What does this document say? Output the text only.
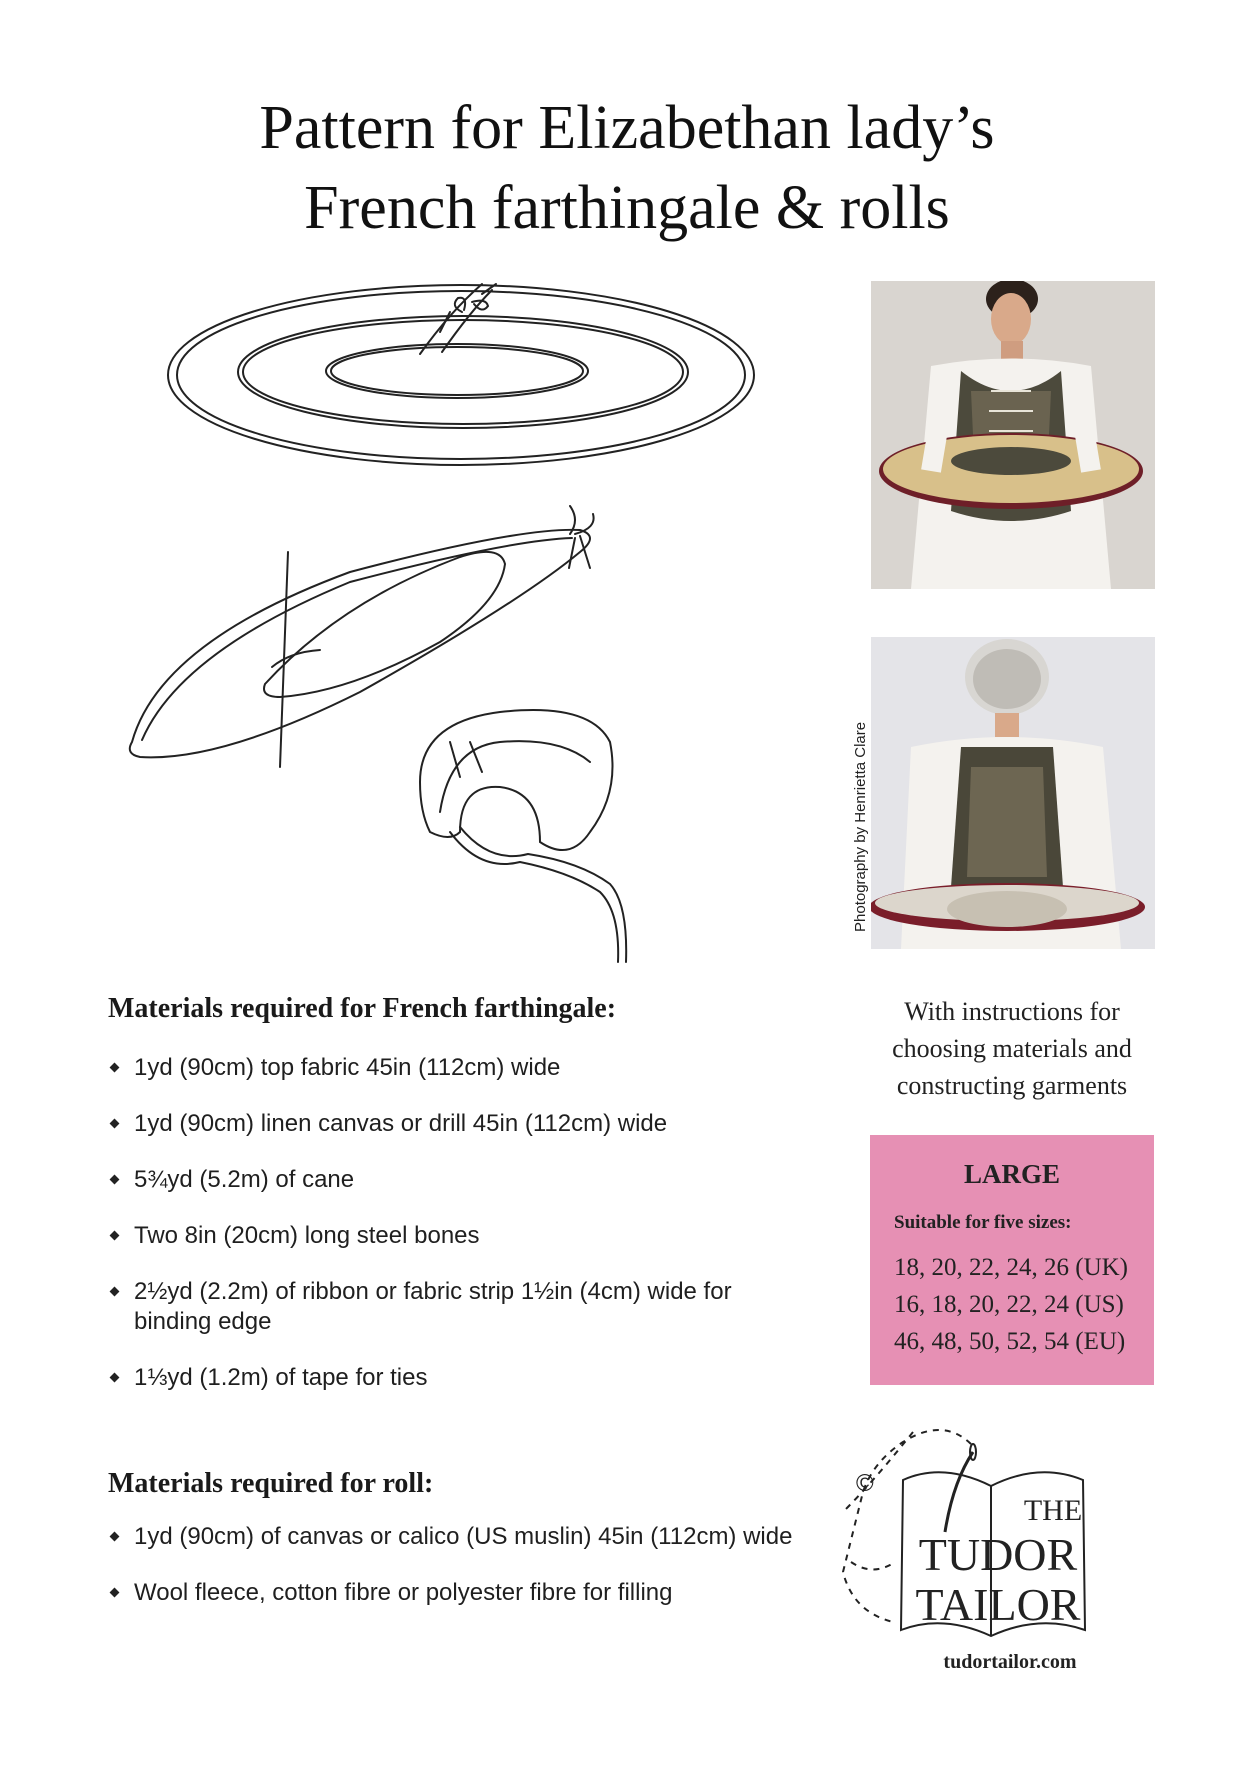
Pattern for Elizabethan lady’s
French farthingale & rolls
Photography by Henrietta Clare
Materials required for French farthingale:
1yd (90cm) top fabric 45in (112cm) wide
1yd (90cm) linen canvas or drill 45in (112cm) wide
5¾yd (5.2m) of cane
Two 8in (20cm) long steel bones
2½yd (2.2m) of ribbon or fabric strip 1½in (4cm) wide for binding edge
1⅓yd (1.2m) of tape for ties
Materials required for roll:
1yd (90cm) of canvas or calico (US muslin) 45in (112cm) wide
Wool fleece, cotton fibre or polyester fibre for filling
With instructions for
choosing materials and
constructing garments
LARGE
Suitable for five sizes:
18, 20, 22, 24, 26 (UK)
16, 18, 20, 22, 24 (US)
46, 48, 50, 52, 54 (EU)
©
THE
TUDOR
TAILOR
tudortailor.com
